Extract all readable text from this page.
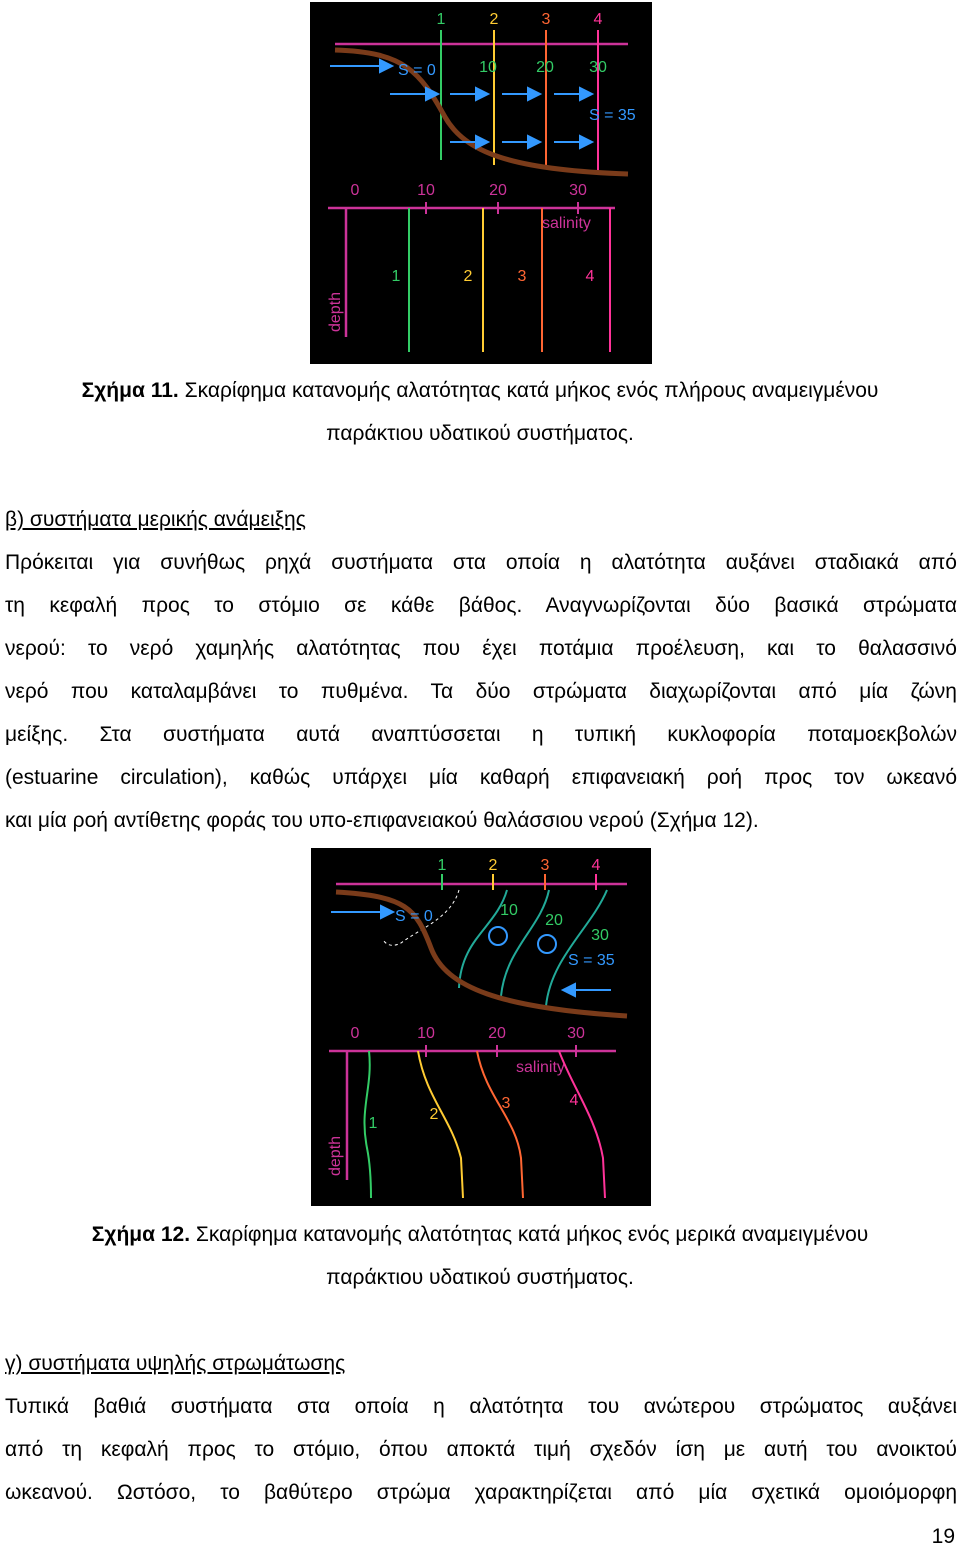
1	2	3	4
S = 0	10 20 30
S = 35
0	10	20	30
salinity
1	2	3	4
depth
Σχήμα 11. Σκαρίφημα κατανομής αλατότητας κατά μήκος ενός πλήρους αναμειγμένου
παράκτιου υδατικού συστήματος.
β) συστήματα μερικής ανάμειξης
Πρόκειται για συνήθως ρηχά συστήματα στα οποία η αλατότητα αυξάνει σταδιακά από
τη κεφαλή προς το στόμιο σε κάθε βάθος. Αναγνωρίζονται δύο βασικά στρώματα
νερού: το νερό χαμηλής αλατότητας που έχει ποτάμια προέλευση, και το θαλασσινό
νερό που καταλαμβάνει το πυθμένα. Τα δύο στρώματα διαχωρίζονται από μία ζώνη
μείξης. Στα συστήματα αυτά αναπτύσσεται η τυπική κυκλοφορία ποταμοεκβολών
(estuarine circulation), καθώς υπάρχει μία καθαρή επιφανειακή ροή προς τον ωκεανό
και μία ροή αντίθετης φοράς του υπο-επιφανειακού θαλάσσιου νερού (Σχήμα 12).
1	2	3	4
S = 0	10
20
30
S = 35
0	10	20	30
salinity
1
2
3	4
depth
Σχήμα 12. Σκαρίφημα κατανομής αλατότητας κατά μήκος ενός μερικά αναμειγμένου
παράκτιου υδατικού συστήματος.
γ) συστήματα υψηλής στρωμάτωσης
Τυπικά βαθιά συστήματα στα οποία η αλατότητα του ανώτερου στρώματος αυξάνει
από τη κεφαλή προς το στόμιο, όπου αποκτά τιμή σχεδόν ίση με αυτή του ανοικτού
ωκεανού. Ωστόσο, το βαθύτερο στρώμα χαρακτηρίζεται από μία σχετικά ομοιόμορφη
19
